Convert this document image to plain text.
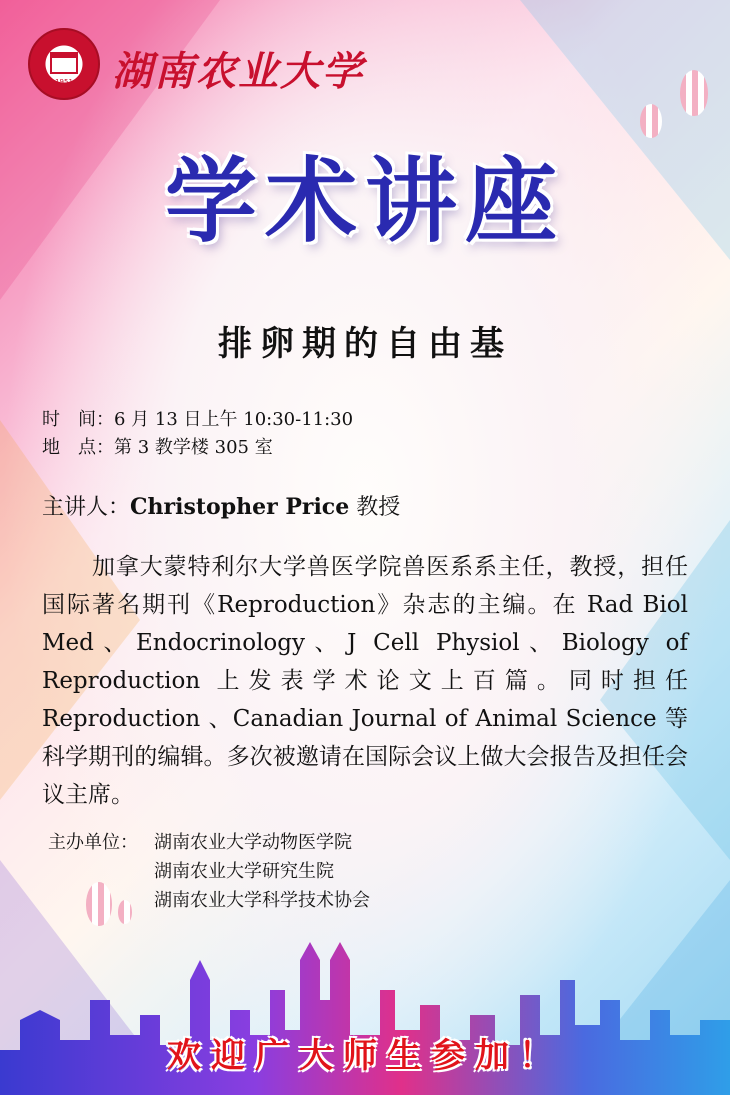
1951 湖南农业大学
学术讲座
排卵期的自由基
时　间：6 月 13 日上午 10:30-11:30
地　点：第 3 教学楼 305 室
主讲人：Christopher Price 教授
加拿大蒙特利尔大学兽医学院兽医系系主任，教授，担任国际著名期刊《Reproduction》杂志的主编。在 Rad Biol Med、Endocrinology、J Cell Physiol、Biology of Reproduction 上发表学术论文上百篇。同时担任 Reproduction 、Canadian Journal of Animal Science 等科学期刊的编辑。多次被邀请在国际会议上做大会报告及担任会议主席。
主办单位： 湖南农业大学动物医学院
湖南农业大学研究生院
湖南农业大学科学技术协会
欢迎广大师生参加！
